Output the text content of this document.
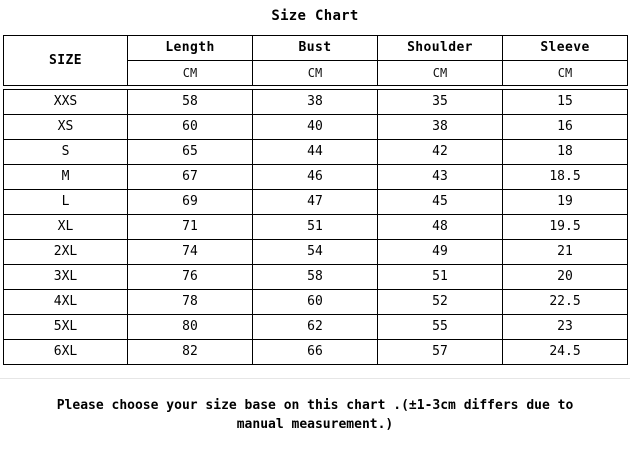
Size Chart
SIZE	Length	Bust	Shoulder	Sleeve
	CM	CM	CM	CM

XXS	58	38	35	15
XS	60	40	38	16
S	65	44	42	18
M	67	46	43	18.5
L	69	47	45	19
XL	71	51	48	19.5
2XL	74	54	49	21
3XL	76	58	51	20
4XL	78	60	52	22.5
5XL	80	62	55	23
6XL	82	66	57	24.5
Please choose your size base on this chart .(±1-3cm differs due to
manual measurement.)
